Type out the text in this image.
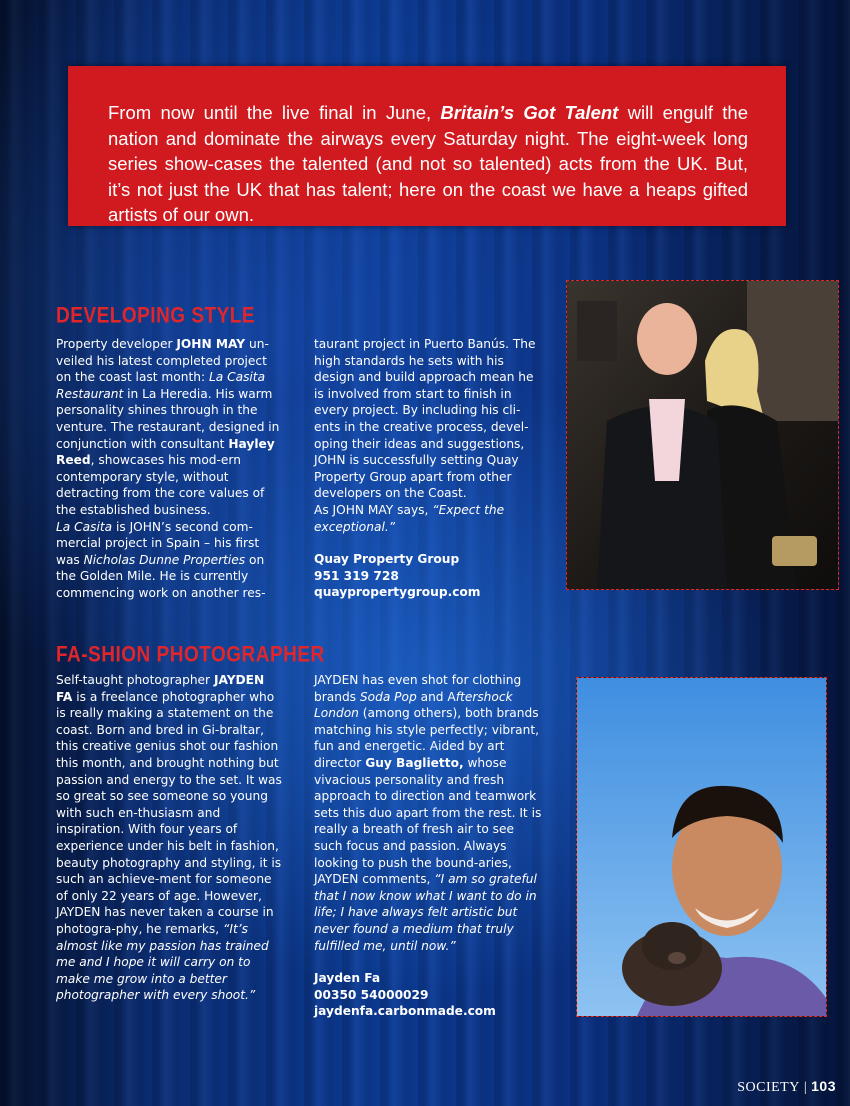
From now until the live final in June, Britain’s Got Talent will engulf the nation and dominate the airways every Saturday night. The eight-week long series show-cases the talented (and not so talented) acts from the UK. But, it’s not just the UK that has talent; here on the coast we have a heaps gifted artists of our own.
DEVELOPING STYLE

Property developer JOHN MAY un-veiled his latest completed project on the coast last month: La Casita Restaurant in La Heredia. His warm personality shines through in the venture. The restaurant, designed in conjunction with consultant Hayley Reed, showcases his mod-ern contemporary style, without detracting from the core values of the established business.

La Casita is JOHN’s second com-mercial project in Spain – his first was Nicholas Dunne Properties on the Golden Mile. He is currently commencing work on another res-

taurant project in Puerto Banús. The high standards he sets with his design and build approach mean he is involved from start to finish in every project. By including his cli-ents in the creative process, devel-oping their ideas and suggestions, JOHN is successfully setting Quay Property Group apart from other developers on the Coast.

As JOHN MAY says, “Expect the exceptional.”

Quay Property Group
951 319 728
quaypropertygroup.com
FA-SHION PHOTOGRAPHER

Self-taught photographer JAYDEN FA is a freelance photographer who is really making a statement on the coast. Born and bred in Gi-braltar, this creative genius shot our fashion this month, and brought nothing but passion and energy to the set. It was so great so see someone so young with such en-thusiasm and inspiration. With four years of experience under his belt in fashion, beauty photography and styling, it is such an achieve-ment for someone of only 22 years of age. However, JAYDEN has never taken a course in photogra-phy, he remarks, “It’s almost like my passion has trained me and I hope it will carry on to make me grow into a better photographer with every shoot.”

JAYDEN has even shot for clothing brands Soda Pop and Aftershock London (among others), both brands matching his style perfectly; vibrant, fun and energetic. Aided by art director Guy Baglietto, whose vivacious personality and fresh approach to direction and teamwork sets this duo apart from the rest. It is really a breath of fresh air to see such focus and passion. Always looking to push the bound-aries, JAYDEN comments, “I am so grateful that I now know what I want to do in life; I have always felt artistic but never found a medium that truly fulfilled me, until now.”

Jayden Fa
00350 54000029
jaydenfa.carbonmade.com
SOCIETY | 103
